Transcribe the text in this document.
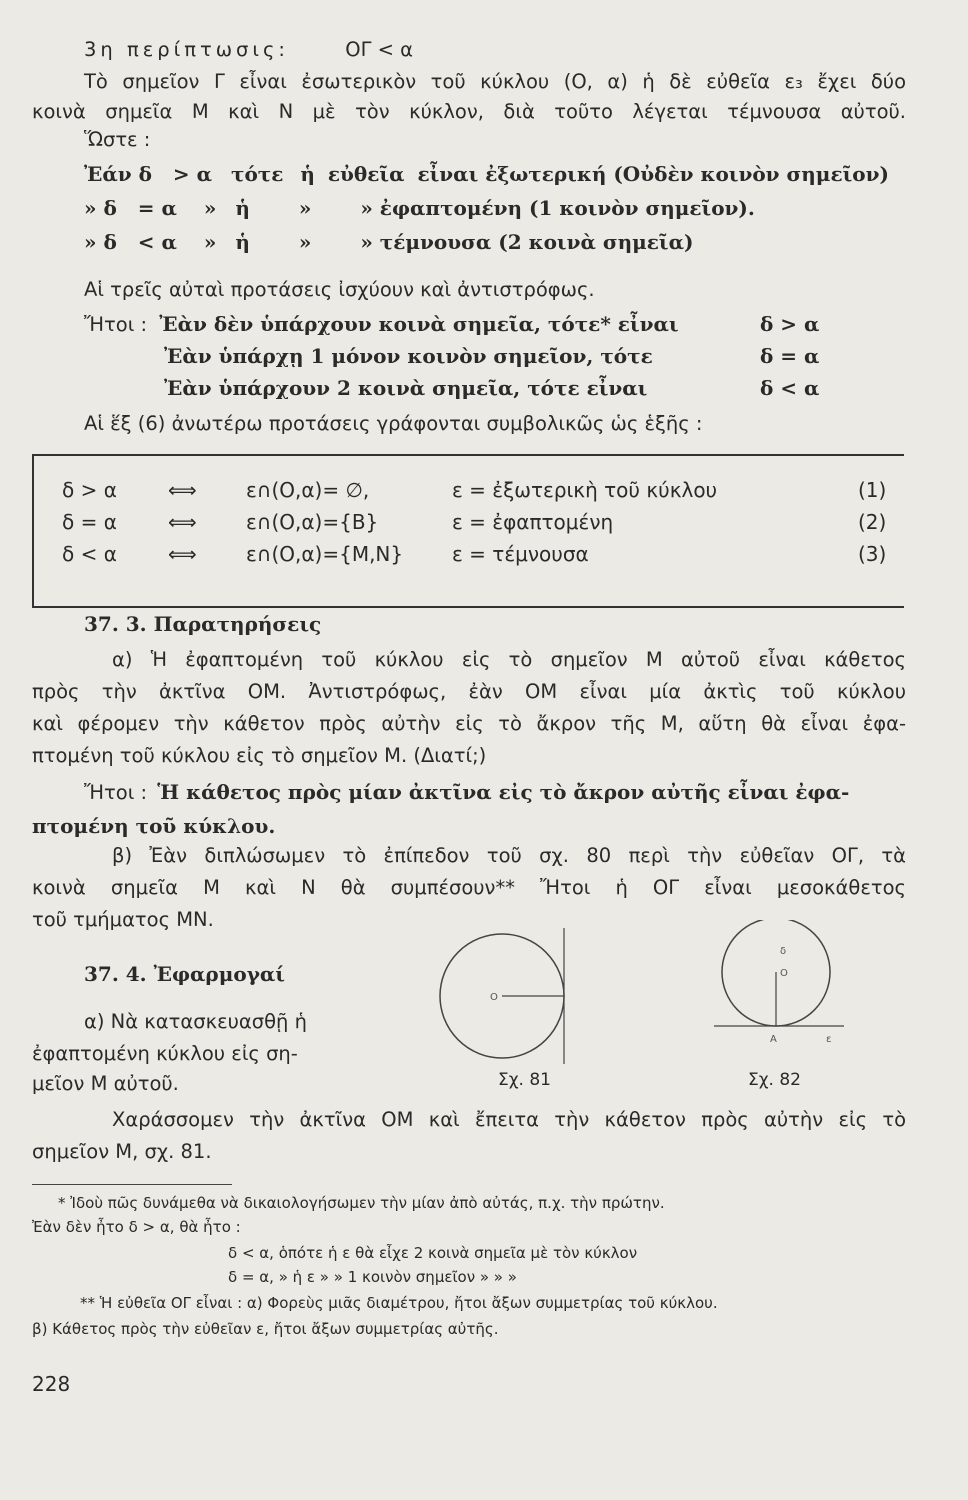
3η περίπτωσις:	ΟΓ < α
Τὸ σημεῖον Γ εἶναι ἐσωτερικὸν τοῦ κύκλου (Ο, α) ἡ δὲ εὐθεῖα ε₃ ἔχει δύο
κοινὰ σημεῖα Μ καὶ Ν μὲ τὸν κύκλον, διὰ τοῦτο λέγεται τέμνουσα αὐτοῦ.
Ὥστε :
Ἐάν δ > α τότε ἡ εὐθεῖα εἶναι ἐξωτερική (Οὐδὲν κοινὸν σημεῖον)
» δ = α » ἡ » » ἐφαπτομένη (1 κοινὸν σημεῖον).
» δ < α » ἡ » » τέμνουσα (2 κοινὰ σημεῖα)
Αἱ τρεῖς αὐταὶ προτάσεις ἰσχύουν καὶ ἀντιστρόφως.
Ἤτοι : Ἐὰν δὲν ὑπάρχουν κοινὰ σημεῖα, τότε* εἶναι	δ > α
Ἐὰν ὑπάρχῃ 1 μόνον κοινὸν σημεῖον, τότε	δ = α
Ἐὰν ὑπάρχουν 2 κοινὰ σημεῖα, τότε εἶναι	δ < α
Αἱ ἕξ (6) ἀνωτέρω προτάσεις γράφονται συμβολικῶς ὡς ἑξῆς :
δ > α	⟺ ε∩(Ο,α)= ∅,	ε = ἐξωτερικὴ τοῦ κύκλου	(1)
δ = α	⟺ ε∩(Ο,α)={Β}	ε = ἐφαπτομένη	(2)
δ < α	⟺ ε∩(Ο,α)={Μ,Ν} ε = τέμνουσα	(3)
37. 3. Παρατηρήσεις
α) Ἡ ἐφαπτομένη τοῦ κύκλου εἰς τὸ σημεῖον Μ αὐτοῦ εἶναι κάθετος
πρὸς τὴν ἀκτῖνα ΟΜ. Ἀντιστρόφως, ἐὰν ΟΜ εἶναι μία ἀκτὶς τοῦ κύκλου
καὶ φέρομεν τὴν κάθετον πρὸς αὐτὴν εἰς τὸ ἄκρον τῆς Μ, αὕτη θὰ εἶναι ἐφα-
πτομένη τοῦ κύκλου εἰς τὸ σημεῖον Μ. (Διατί;)
Ἤτοι : Ἡ κάθετος πρὸς μίαν ἀκτῖνα εἰς τὸ ἄκρον αὐτῆς εἶναι ἐφα-
πτομένη τοῦ κύκλου.
β) Ἐὰν διπλώσωμεν τὸ ἐπίπεδον τοῦ σχ. 80 περὶ τὴν εὐθεῖαν ΟΓ, τὰ
κοινὰ σημεῖα Μ καὶ Ν θὰ συμπέσουν** Ἤτοι ἡ ΟΓ εἶναι μεσοκάθετος
τοῦ τμήματος ΜΝ.
37. 4. Ἐφαρμογαί
α) Νὰ κατασκευασθῇ ἡ
ἐφαπτομένη κύκλου εἰς ση-
μεῖον Μ αὐτοῦ.
Ο
Σχ. 81
δ
Ο
Α	ε
Σχ. 82
Χαράσσομεν τὴν ἀκτῖνα ΟΜ καὶ ἔπειτα τὴν κάθετον πρὸς αὐτὴν εἰς τὸ
σημεῖον Μ, σχ. 81.
* Ἰδοὺ πῶς δυνάμεθα νὰ δικαιολογήσωμεν τὴν μίαν ἀπὸ αὐτάς, π.χ. τὴν πρώτην.
Ἐὰν δὲν ἦτο δ > α, θὰ ἦτο :
δ < α, ὁπότε ἡ ε θὰ εἶχε 2 κοινὰ σημεῖα μὲ τὸν κύκλον
δ = α, » ἡ ε » » 1 κοινὸν σημεῖον » » »
** Ἡ εὐθεῖα ΟΓ εἶναι : α) Φορεὺς μιᾶς διαμέτρου, ἤτοι ἄξων συμμετρίας τοῦ κύκλου.
β) Κάθετος πρὸς τὴν εὐθεῖαν ε, ἤτοι ἄξων συμμετρίας αὐτῆς.
228
